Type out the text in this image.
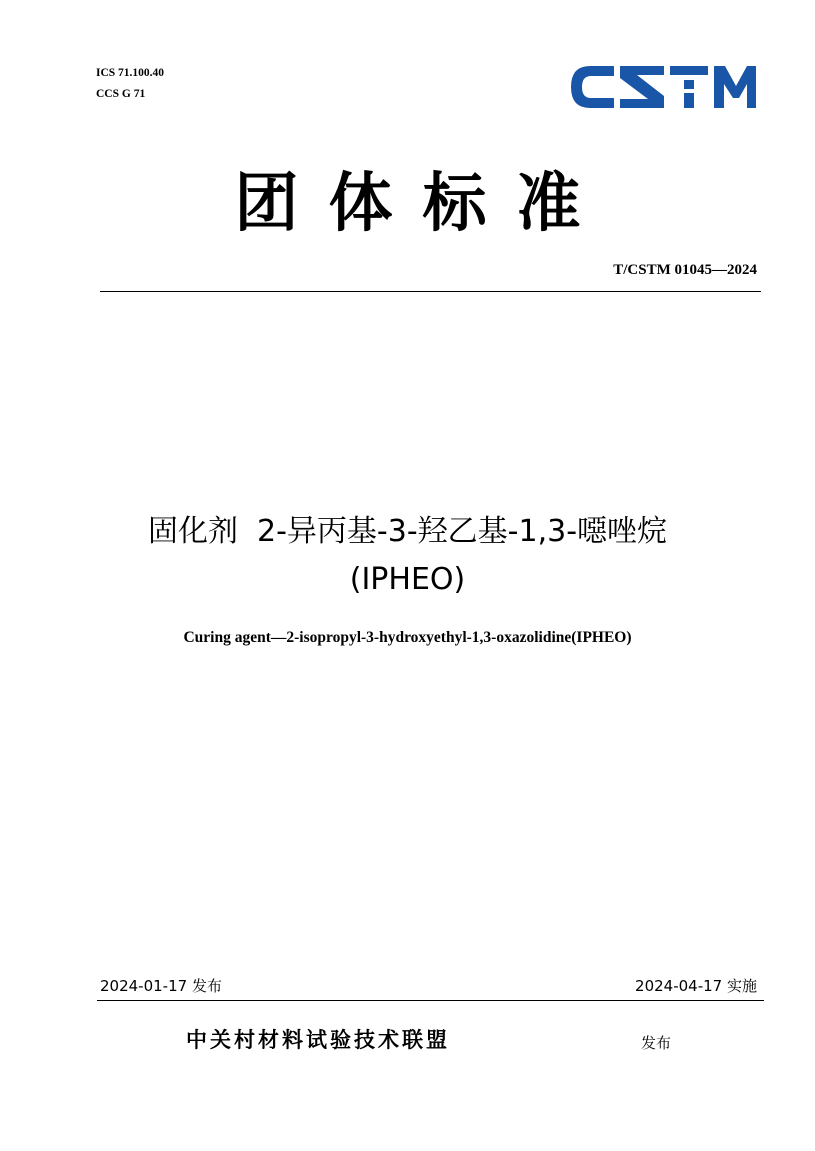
ICS 71.100.40
CCS G 71
团体标准
T/CSTM 01045—2024
固化剂  2-异丙基-3-羟乙基-1,3-噁唑烷
(IPHEO)
Curing agent—2-isopropyl-3-hydroxyethyl-1,3-oxazolidine(IPHEO)
2024-01-17 发布	2024-04-17 实施
中关村材料试验技术联盟	发布
